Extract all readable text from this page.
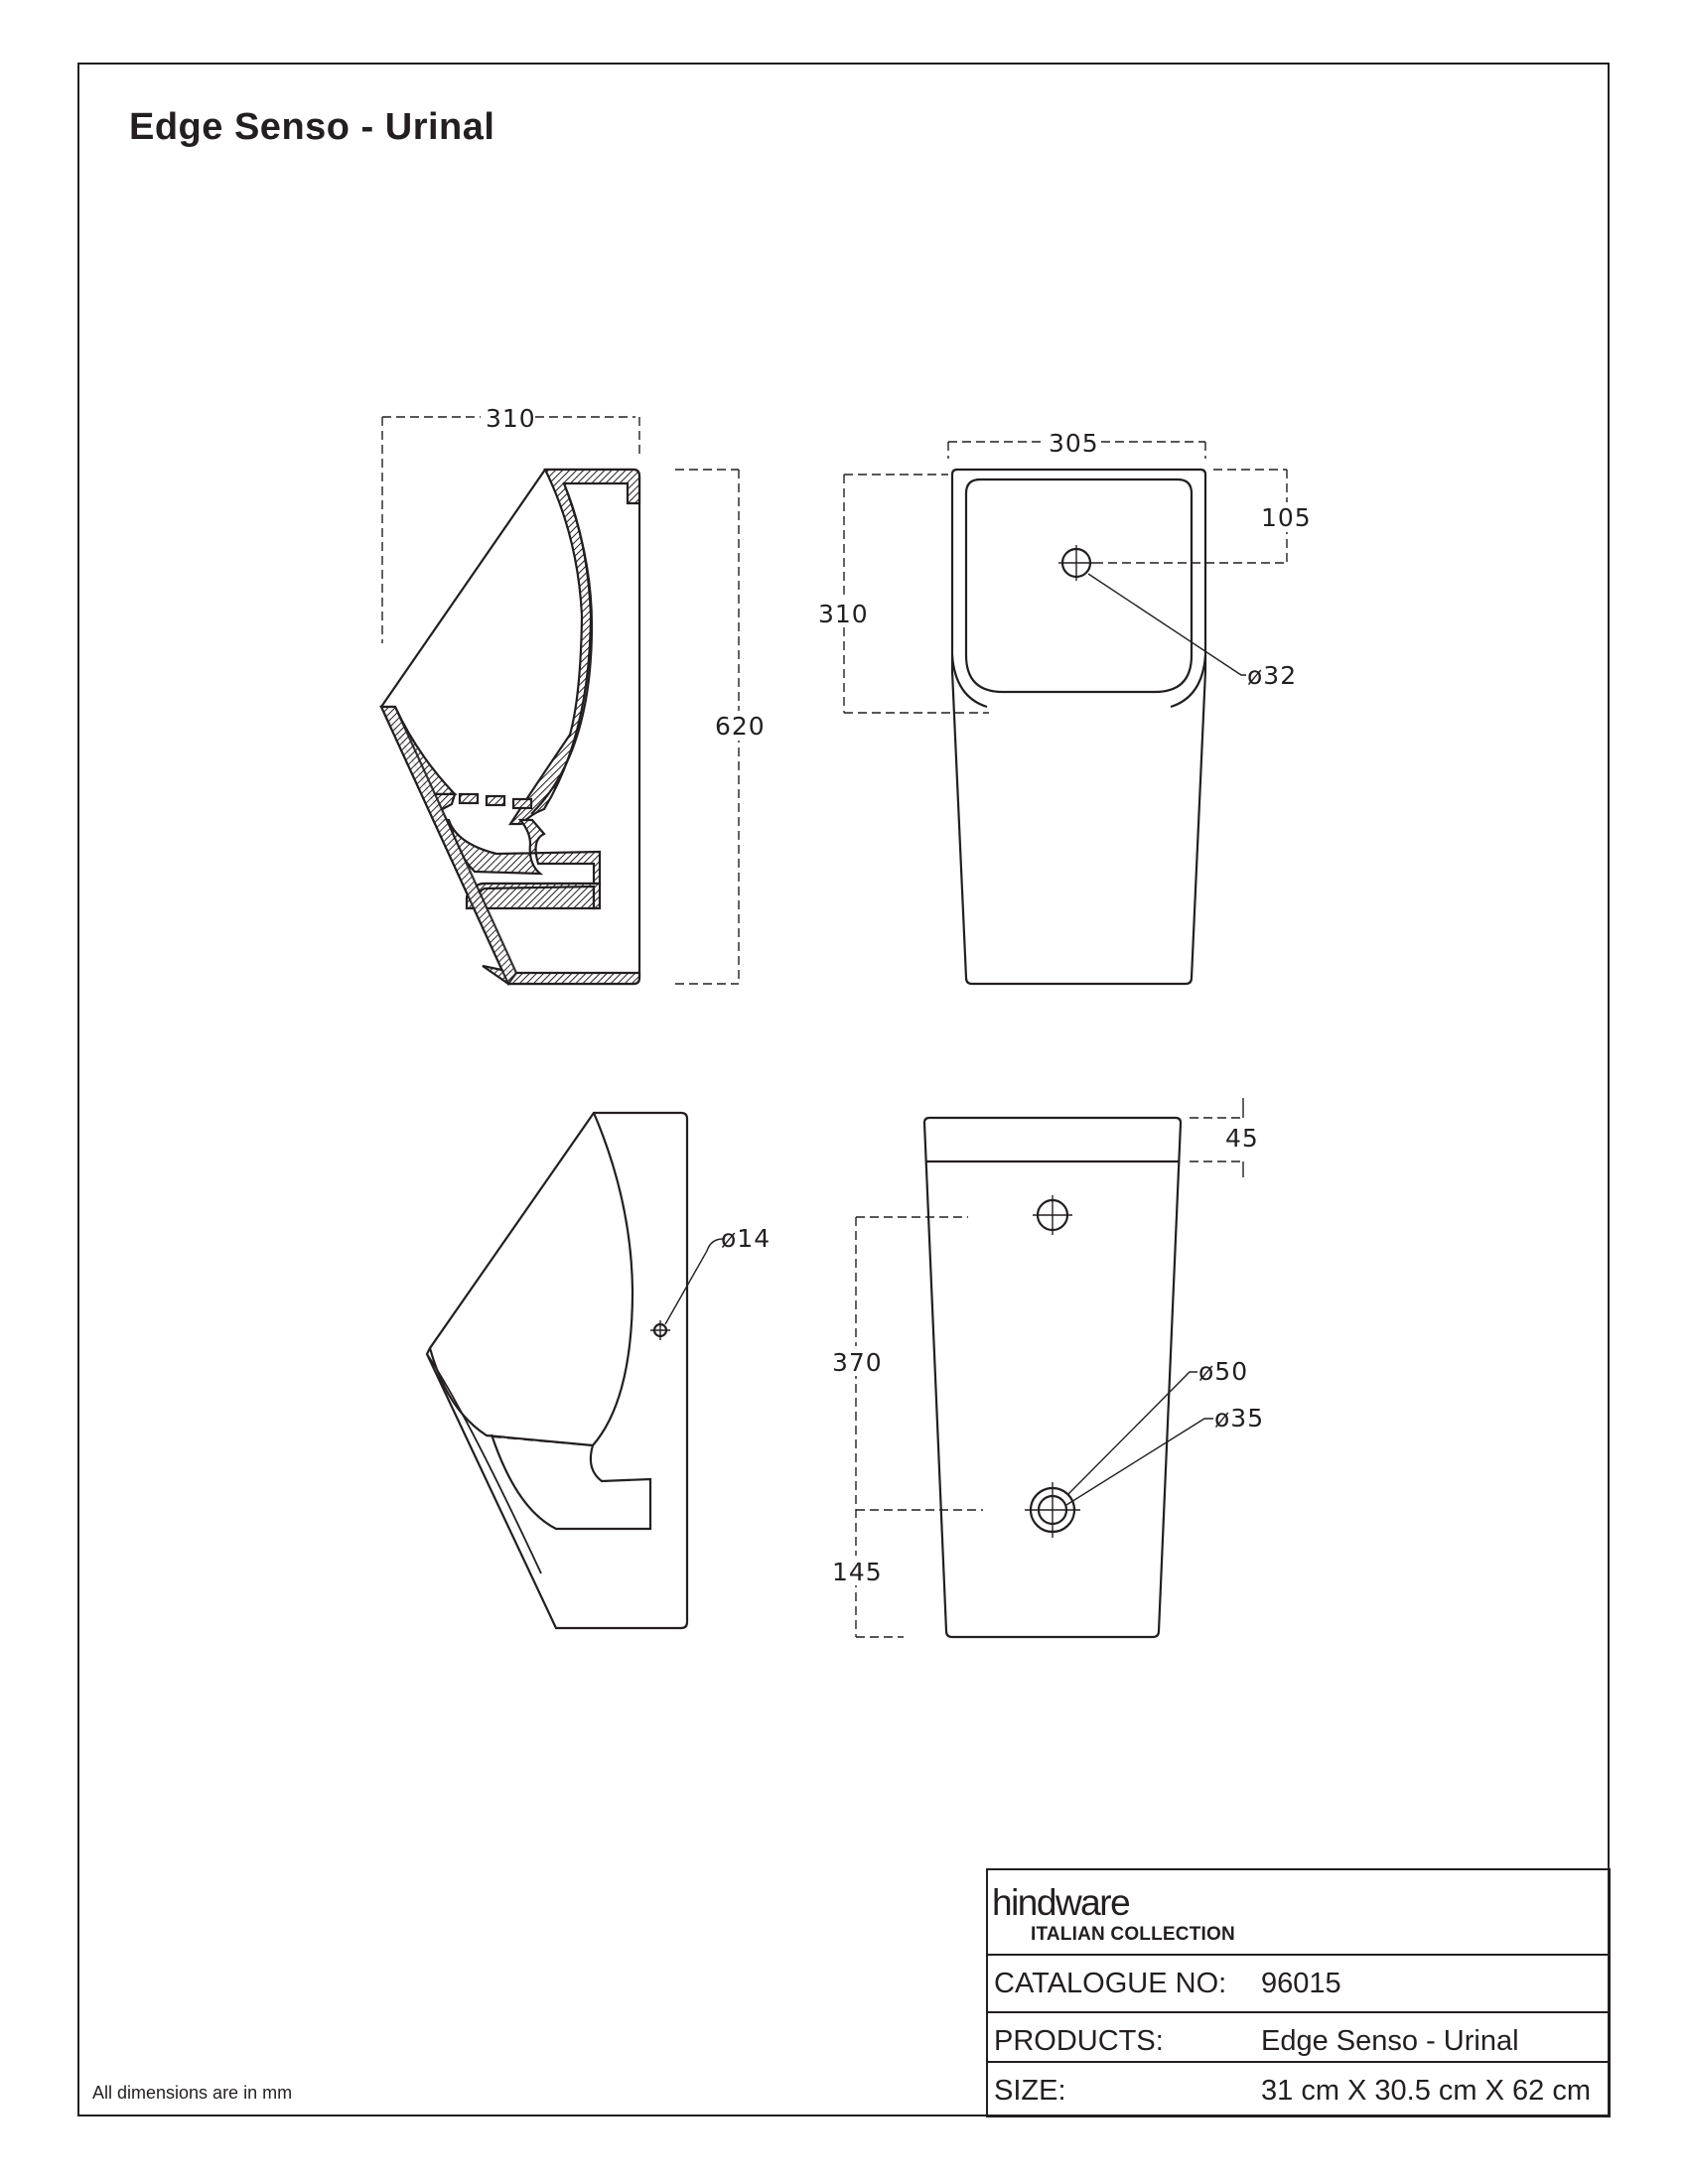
Edge Senso - Urinal
310
620
305
105
310
ø32
ø14
45
370
145
ø50
ø35
All dimensions are in mm
hindware
ITALIAN COLLECTION
CATALOGUE NO: 96015
PRODUCTS:	Edge Senso - Urinal
SIZE:	31 cm X 30.5 cm X 62 cm
